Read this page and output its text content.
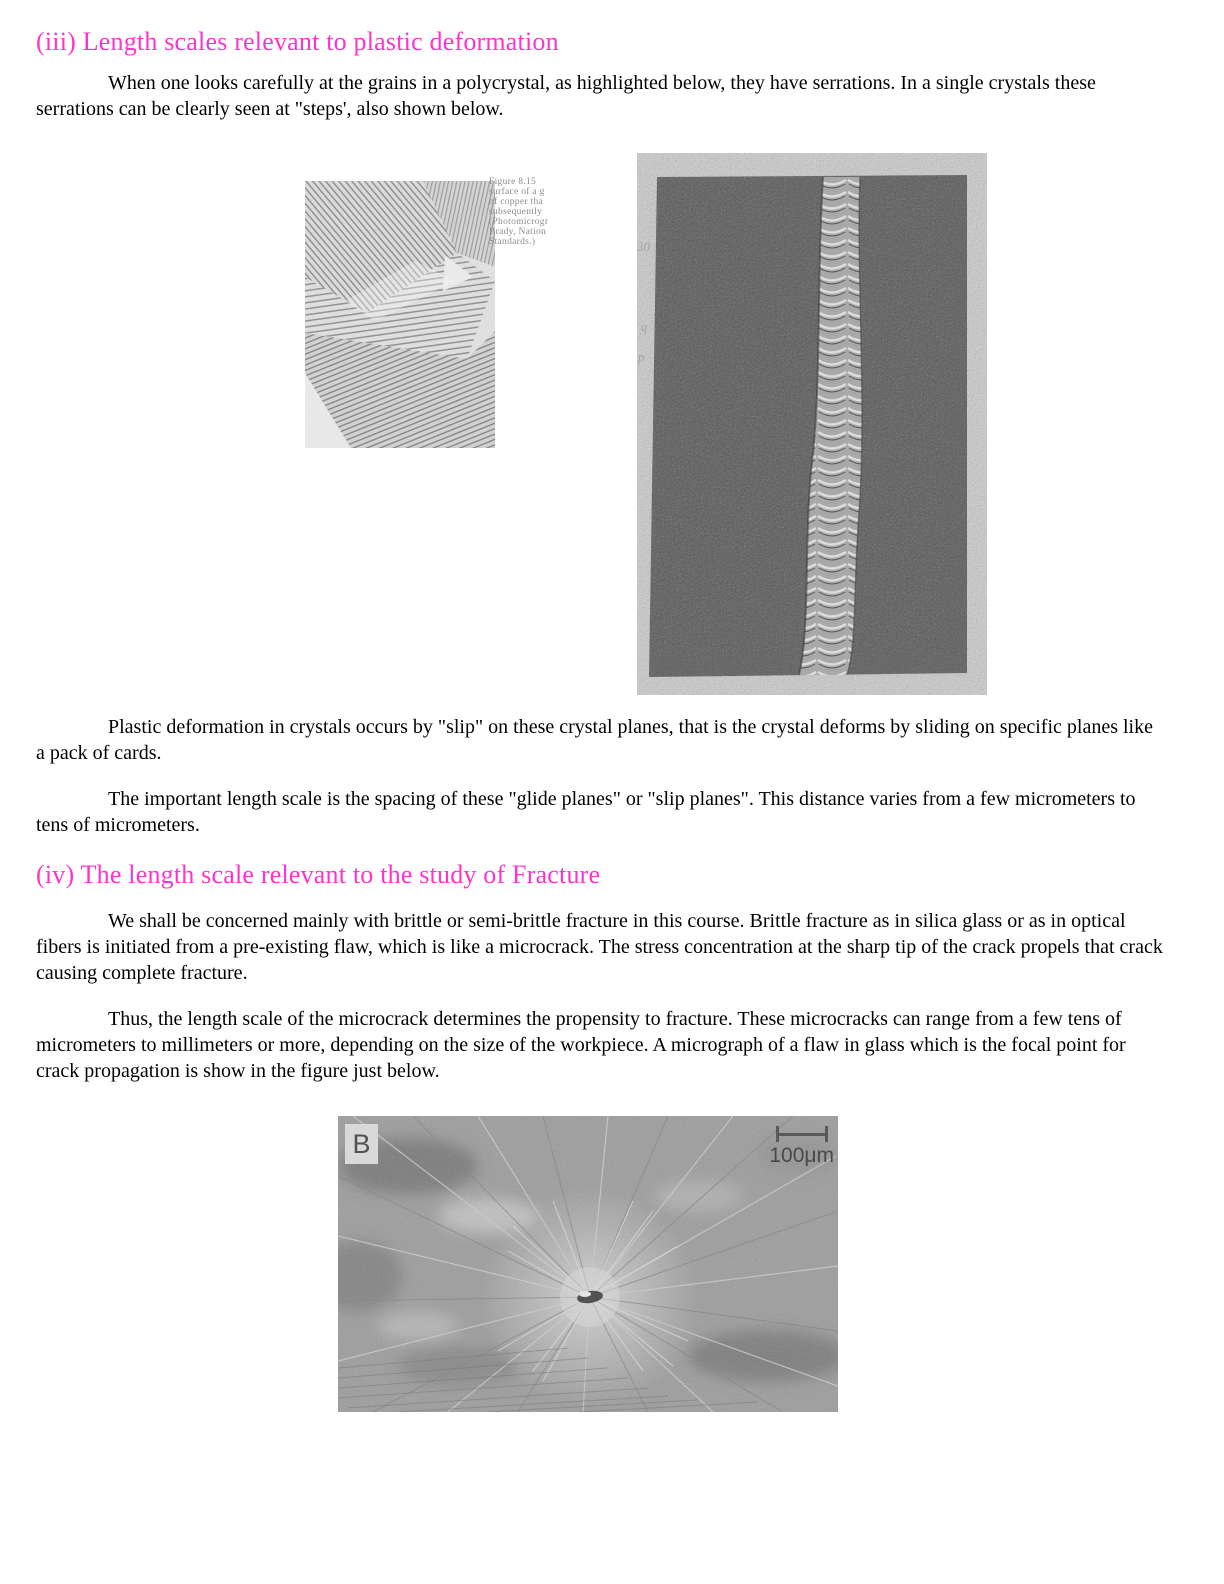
(iii) Length scales relevant to plastic deformation

When one looks carefully at the grains in a polycrystal, as highlighted below, they have serrations. In a single crystals these serrations can be clearly seen at "steps', also shown below.

Figure 8.15
surface of a g
of copper tha
subsequently
(Photomicrogr
Brady, Nation
Standards.)	30
q
p

Plastic deformation in crystals occurs by "slip" on these crystal planes, that is the crystal deforms by sliding on specific planes like a pack of cards.

The important length scale is the spacing of these "glide planes" or "slip planes". This distance varies from a few micrometers to tens of micrometers.

(iv) The length scale relevant to the study of Fracture

We shall be concerned mainly with brittle or semi-brittle fracture in this course. Brittle fracture as in silica glass or as in optical fibers is initiated from a pre-existing flaw, which is like a microcrack. The stress concentration at the sharp tip of the crack propels that crack causing complete fracture.

Thus, the length scale of the microcrack determines the propensity to fracture. These microcracks can range from a few tens of micrometers to millimeters or more, depending on the size of the workpiece. A micrograph of a flaw in glass which is the focal point for crack propagation is show in the figure just below.

B	100μm
